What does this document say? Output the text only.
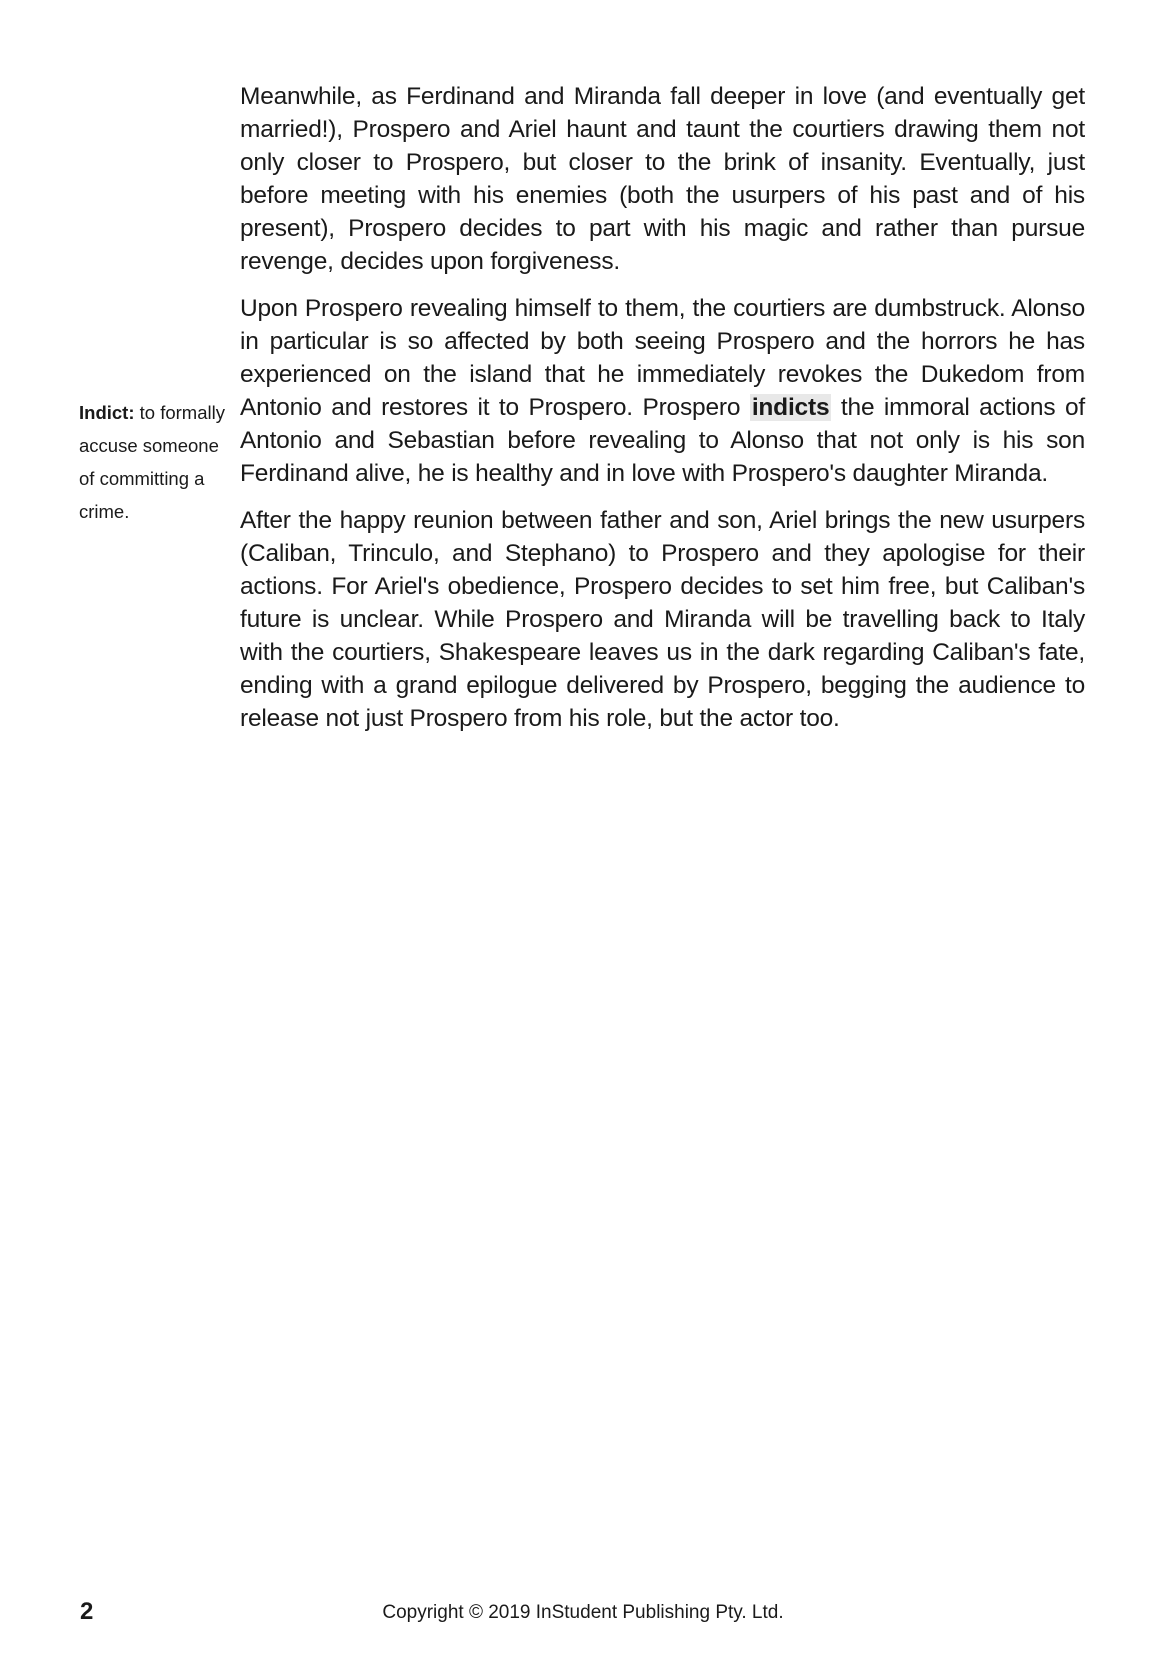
Indict: to formally accuse someone of committing a crime.

Meanwhile, as Ferdinand and Miranda fall deeper in love (and eventually get married!), Prospero and Ariel haunt and taunt the courtiers drawing them not only closer to Prospero, but closer to the brink of insanity. Eventually, just before meeting with his enemies (both the usurpers of his past and of his present), Prospero decides to part with his magic and rather than pursue revenge, decides upon forgiveness.

Upon Prospero revealing himself to them, the courtiers are dumbstruck. Alonso in particular is so affected by both seeing Prospero and the horrors he has experienced on the island that he immediately revokes the Dukedom from Antonio and restores it to Prospero. Prospero indicts the immoral actions of Antonio and Sebastian before revealing to Alonso that not only is his son Ferdinand alive, he is healthy and in love with Prospero's daughter Miranda.

After the happy reunion between father and son, Ariel brings the new usurpers (Caliban, Trinculo, and Stephano) to Prospero and they apologise for their actions. For Ariel's obedience, Prospero decides to set him free, but Caliban's future is unclear. While Prospero and Miranda will be travelling back to Italy with the courtiers, Shakespeare leaves us in the dark regarding Caliban's fate, ending with a grand epilogue delivered by Prospero, begging the audience to release not just Prospero from his role, but the actor too.

2	Copyright © 2019 InStudent Publishing Pty. Ltd.
